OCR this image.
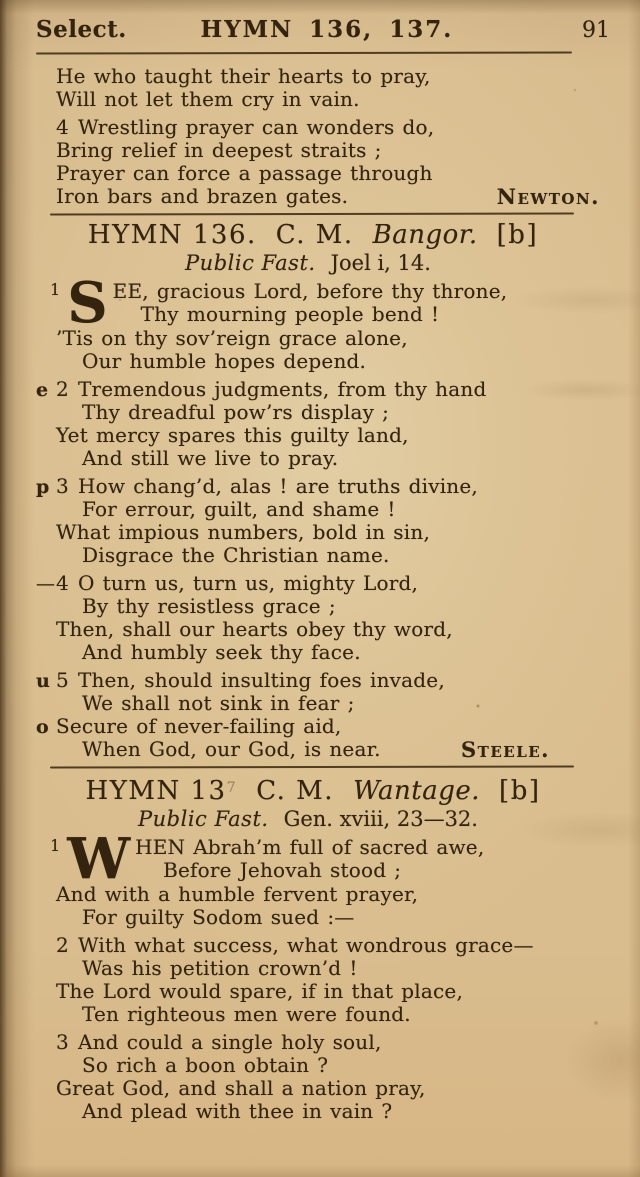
Select.	HYMN 136, 137.	91
He who taught their hearts to pray,
Will not let them cry in vain.
4 Wrestling prayer can wonders do,
Bring relief in deepest straits ;
Prayer can force a passage through
Iron bars and brazen gates.	Newton.
HYMN 136. C. M. Bangor. [b]
Public Fast. Joel i, 14.
1 S EE, gracious Lord, before thy throne,
Thy mourning people bend !
’Tis on thy sov’reign grace alone,
Our humble hopes depend.
e 2 Tremendous judgments, from thy hand
Thy dreadful pow’rs display ;
Yet mercy spares this guilty land,
And still we live to pray.
p 3 How chang’d, alas ! are truths divine,
For errour, guilt, and shame !
What impious numbers, bold in sin,
Disgrace the Christian name.
— 4 O turn us, turn us, mighty Lord,
By thy resistless grace ;
Then, shall our hearts obey thy word,
And humbly seek thy face.
u
o
5 Then, should insulting foes invade,
We shall not sink in fear ;
Secure of never-failing aid,
When God, our God, is near.	Steele.
HYMN $13^7$ C. M. Wantage. [b]
Public Fast. Gen. xviii, 23—32.
1 W HEN Abrah’m full of sacred awe,
Before Jehovah stood ;
And with a humble fervent prayer,
For guilty Sodom sued :—
2 With what success, what wondrous grace—
Was his petition crown’d !
The Lord would spare, if in that place,
Ten righteous men were found.
3 And could a single holy soul,
So rich a boon obtain ?
Great God, and shall a nation pray,
And plead with thee in vain ?
